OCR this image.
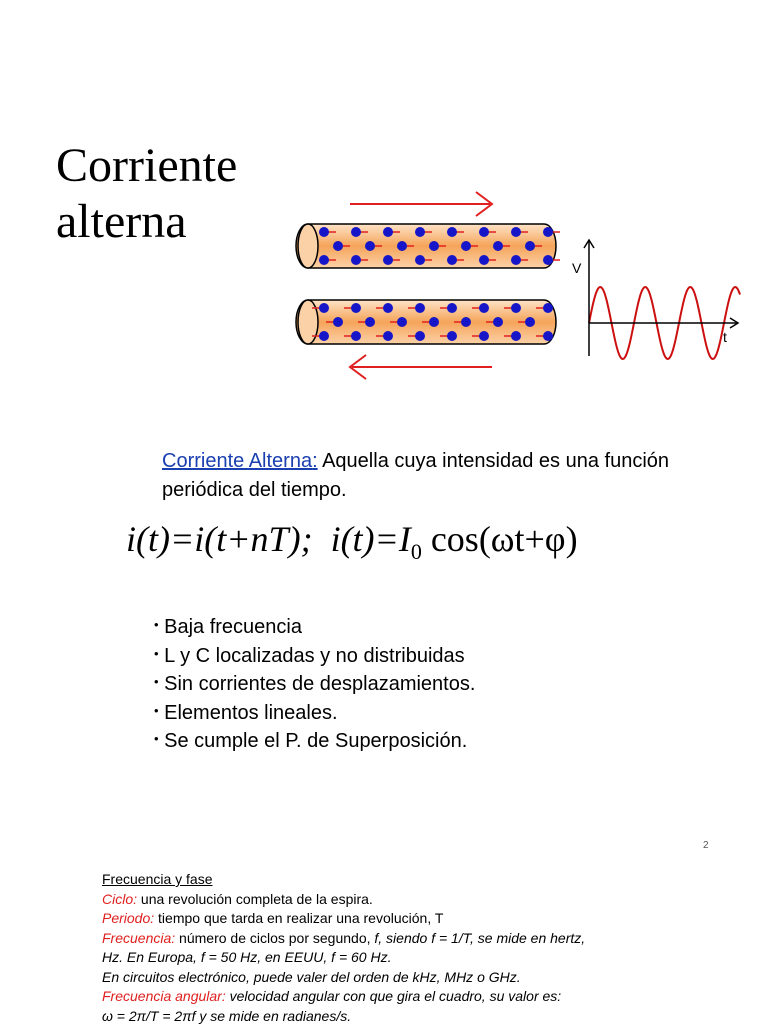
Corriente
alterna
V
t
Corriente Alterna: Aquella cuya intensidad es una función periódica del tiempo.
i(t)=i(t+nT); $i(t)=I_0$ cos(ωt+φ)
• Baja frecuencia
• L y C localizadas y no distribuidas
• Sin corrientes de desplazamientos.
• Elementos lineales.
• Se cumple el P. de Superposición.
2
Frecuencia y fase
Ciclo: una revolución completa de la espira.
Periodo: tiempo que tarda en realizar una revolución, T
Frecuencia: número de ciclos por segundo, f, siendo f = 1/T, se mide en hertz,
Hz. En Europa, f = 50 Hz, en EEUU, f = 60 Hz.
En circuitos electrónico, puede valer del orden de kHz, MHz o GHz.
Frecuencia angular: velocidad angular con que gira el cuadro, su valor es:
ω = 2π/T = 2πf y se mide en radianes/s.
